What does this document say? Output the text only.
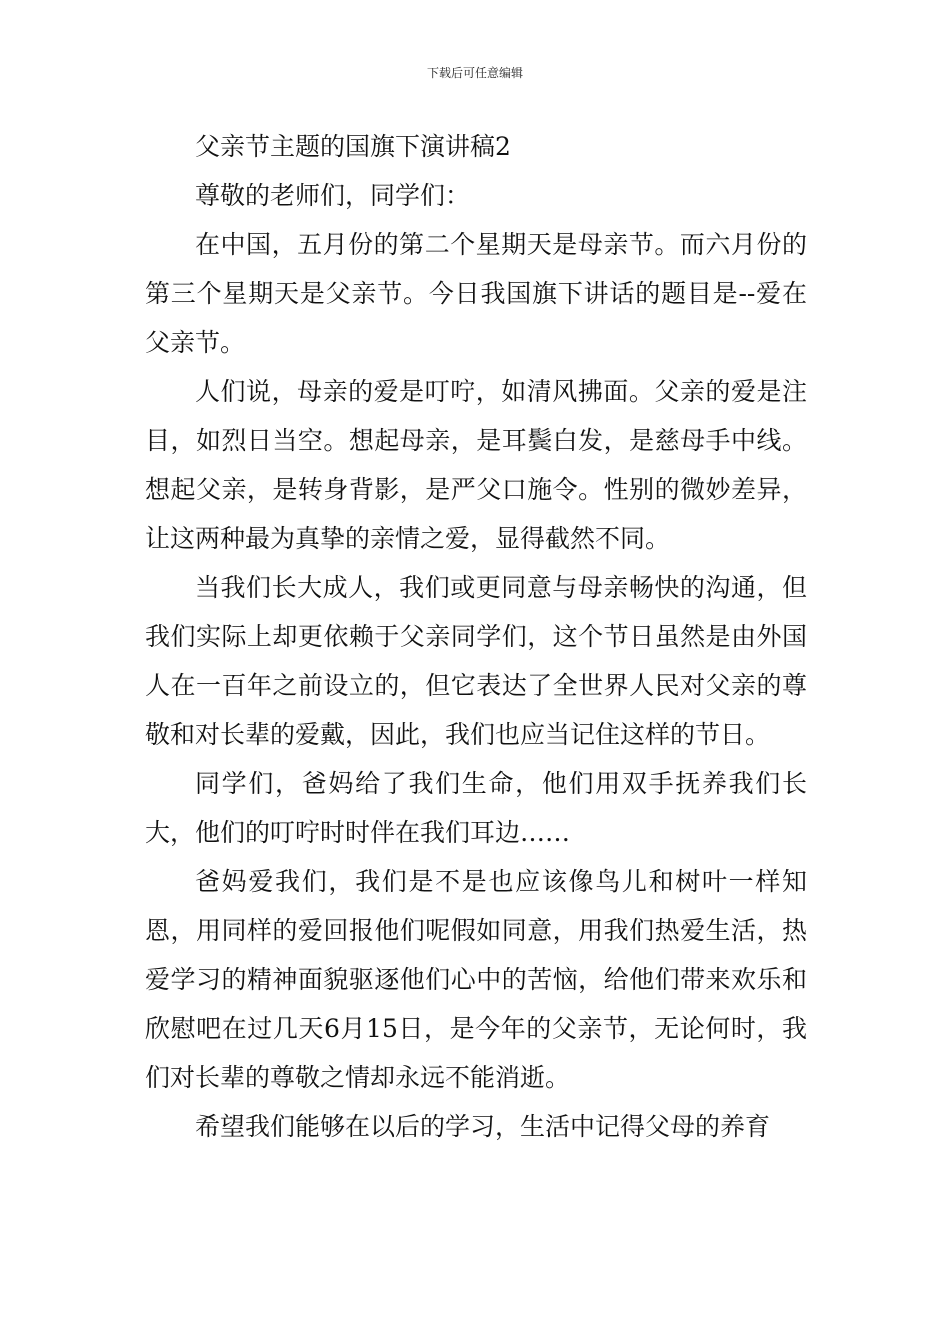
下载后可任意编辑

父亲节主题的国旗下演讲稿2

尊敬的老师们，同学们：

在中国，五月份的第二个星期天是母亲节。而六月份的第三个星期天是父亲节。今日我国旗下讲话的题目是--爱在父亲节。

人们说，母亲的爱是叮咛，如清风拂面。父亲的爱是注目，如烈日当空。想起母亲，是耳鬓白发，是慈母手中线。想起父亲，是转身背影，是严父口施令。性别的微妙差异，让这两种最为真挚的亲情之爱，显得截然不同。

当我们长大成人，我们或更同意与母亲畅快的沟通，但我们实际上却更依赖于父亲同学们，这个节日虽然是由外国人在一百年之前设立的，但它表达了全世界人民对父亲的尊敬和对长辈的爱戴，因此，我们也应当记住这样的节日。

同学们，爸妈给了我们生命，他们用双手抚养我们长大，他们的叮咛时时伴在我们耳边……

爸妈爱我们，我们是不是也应该像鸟儿和树叶一样知恩，用同样的爱回报他们呢假如同意，用我们热爱生活，热爱学习的精神面貌驱逐他们心中的苦恼，给他们带来欢乐和欣慰吧在过几天6月15日，是今年的父亲节，无论何时，我们对长辈的尊敬之情却永远不能消逝。

希望我们能够在以后的学习，生活中记得父母的养育
